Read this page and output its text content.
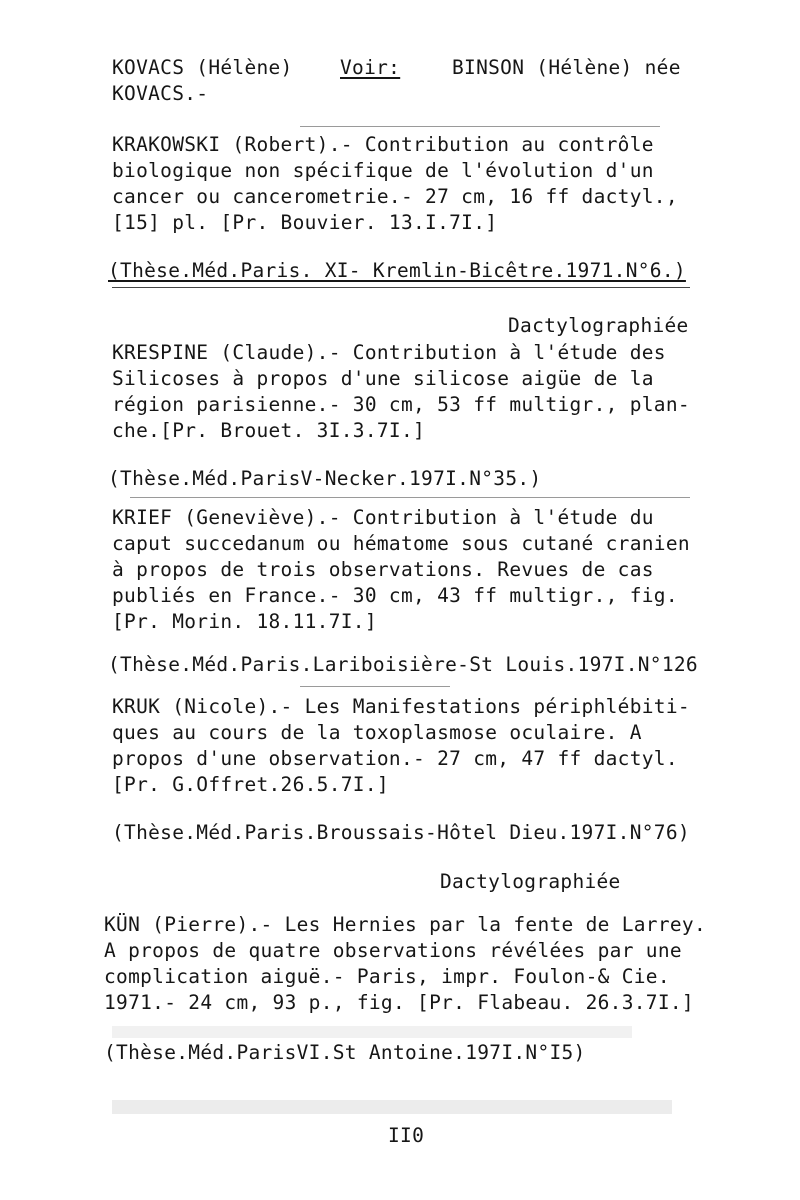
KOVACS (Hélène) Voir:	BINSON (Hélène) née
KOVACS.-
KRAKOWSKI (Robert).- Contribution au contrôle
biologique non spécifique de l'évolution d'un
cancer ou cancerometrie.- 27 cm, 16 ff dactyl.,
[15] pl. [Pr. Bouvier. 13.I.7I.]
(Thèse.Méd.Paris. XI- Kremlin-Bicêtre.1971.N°6.)
Dactylographiée
KRESPINE (Claude).- Contribution à l'étude des
Silicoses à propos d'une silicose aigüe de la
région parisienne.- 30 cm, 53 ff multigr., plan-
che.[Pr. Brouet. 3I.3.7I.]
(Thèse.Méd.ParisV-Necker.197I.N°35.)
KRIEF (Geneviève).- Contribution à l'étude du
caput succedanum ou hématome sous cutané cranien
à propos de trois observations. Revues de cas
publiés en France.- 30 cm, 43 ff multigr., fig.
[Pr. Morin. 18.11.7I.]
(Thèse.Méd.Paris.Lariboisière-St Louis.197I.N°126
KRUK (Nicole).- Les Manifestations périphlébiti-
ques au cours de la toxoplasmose oculaire. A
propos d'une observation.- 27 cm, 47 ff dactyl.
[Pr. G.Offret.26.5.7I.]
(Thèse.Méd.Paris.Broussais-Hôtel Dieu.197I.N°76)
Dactylographiée
KÜN (Pierre).- Les Hernies par la fente de Larrey.
A propos de quatre observations révélées par une
complication aiguë.- Paris, impr. Foulon-& Cie.
1971.- 24 cm, 93 p., fig. [Pr. Flabeau. 26.3.7I.]
(Thèse.Méd.ParisVI.St Antoine.197I.N°I5)
II0
